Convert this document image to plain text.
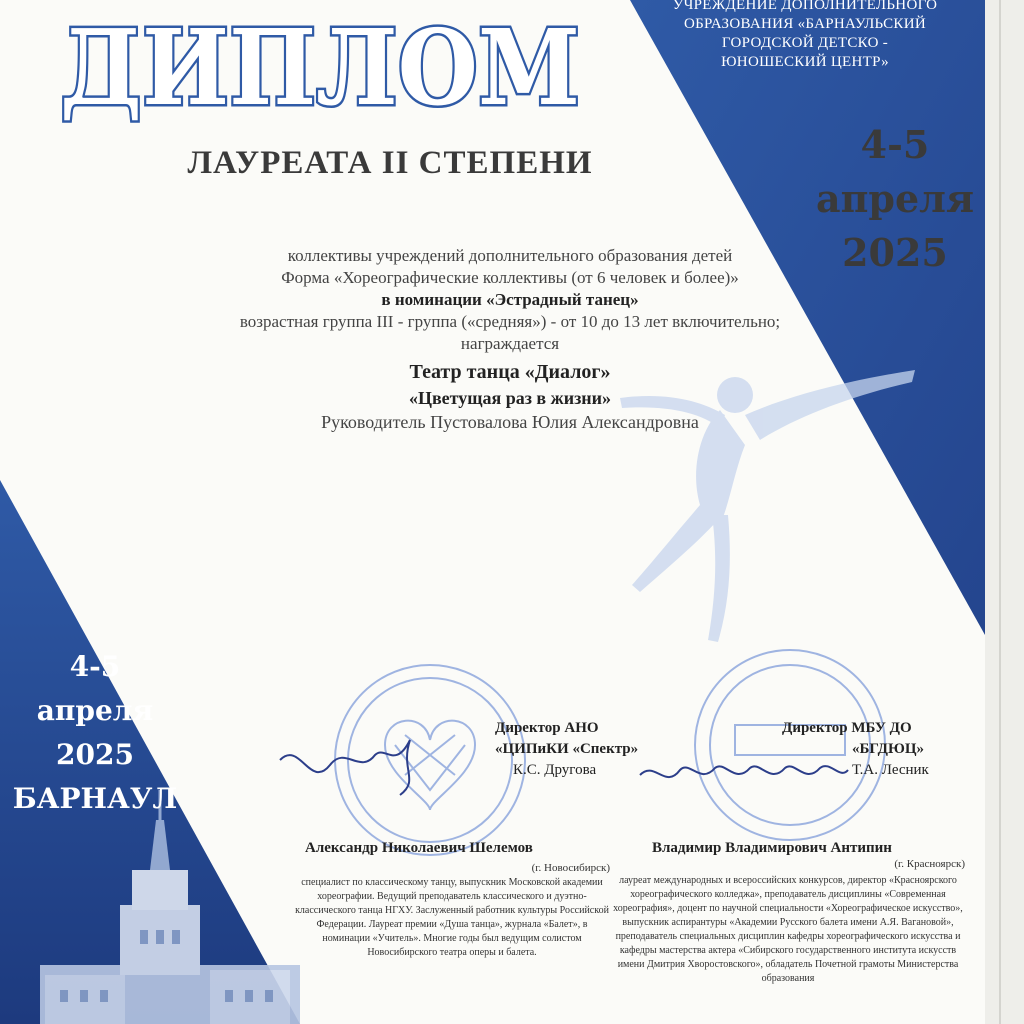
ДИПЛОМ
ЛАУРЕАТА II СТЕПЕНИ
УЧРЕЖДЕНИЕ ДОПОЛНИТЕЛЬНОГО
ОБРАЗОВАНИЯ «БАРНАУЛЬСКИЙ
ГОРОДСКОЙ ДЕТСКО -
ЮНОШЕСКИЙ ЦЕНТР»
4-5
апреля
2025
4-5
апреля
2025
БАРНАУЛ
коллективы учреждений дополнительного образования детей
Форма «Хореографические коллективы (от 6 человек и более)»
в номинации «Эстрадный танец»
возрастная группа III - группа («средняя») - от 10 до 13 лет включительно;
награждается
Театр танца «Диалог»
«Цветущая раз в жизни»
Руководитель Пустовалова Юлия Александровна
Директор АНО
«ЦИПиКИ «Спектр»
К.С. Другова
Директор МБУ ДО
«БГДЮЦ»
Т.А. Лесник
Александр Николаевич Шелемов
(г. Новосибирск)
специалист по классическому танцу, выпускник Московской академии хореографии. Ведущий преподаватель классического и дуэтно-классического танца НГХУ. Заслуженный работник культуры Российской Федерации. Лауреат премии «Душа танца», журнала «Балет», в номинации «Учитель». Многие годы был ведущим солистом Новосибирского театра оперы и балета.
Владимир Владимирович Антипин
(г. Красноярск)
лауреат международных и всероссийских конкурсов, директор «Красноярского хореографического колледжа», преподаватель дисциплины «Современная хореография», доцент по научной специальности «Хореографическое искусство», выпускник аспирантуры «Академии Русского балета имени А.Я. Вагановой», преподаватель специальных дисциплин кафедры хореографического искусства и кафедры мастерства актера «Сибирского государственного института искусств имени Дмитрия Хворостовского», обладатель Почетной грамоты Министерства образования
